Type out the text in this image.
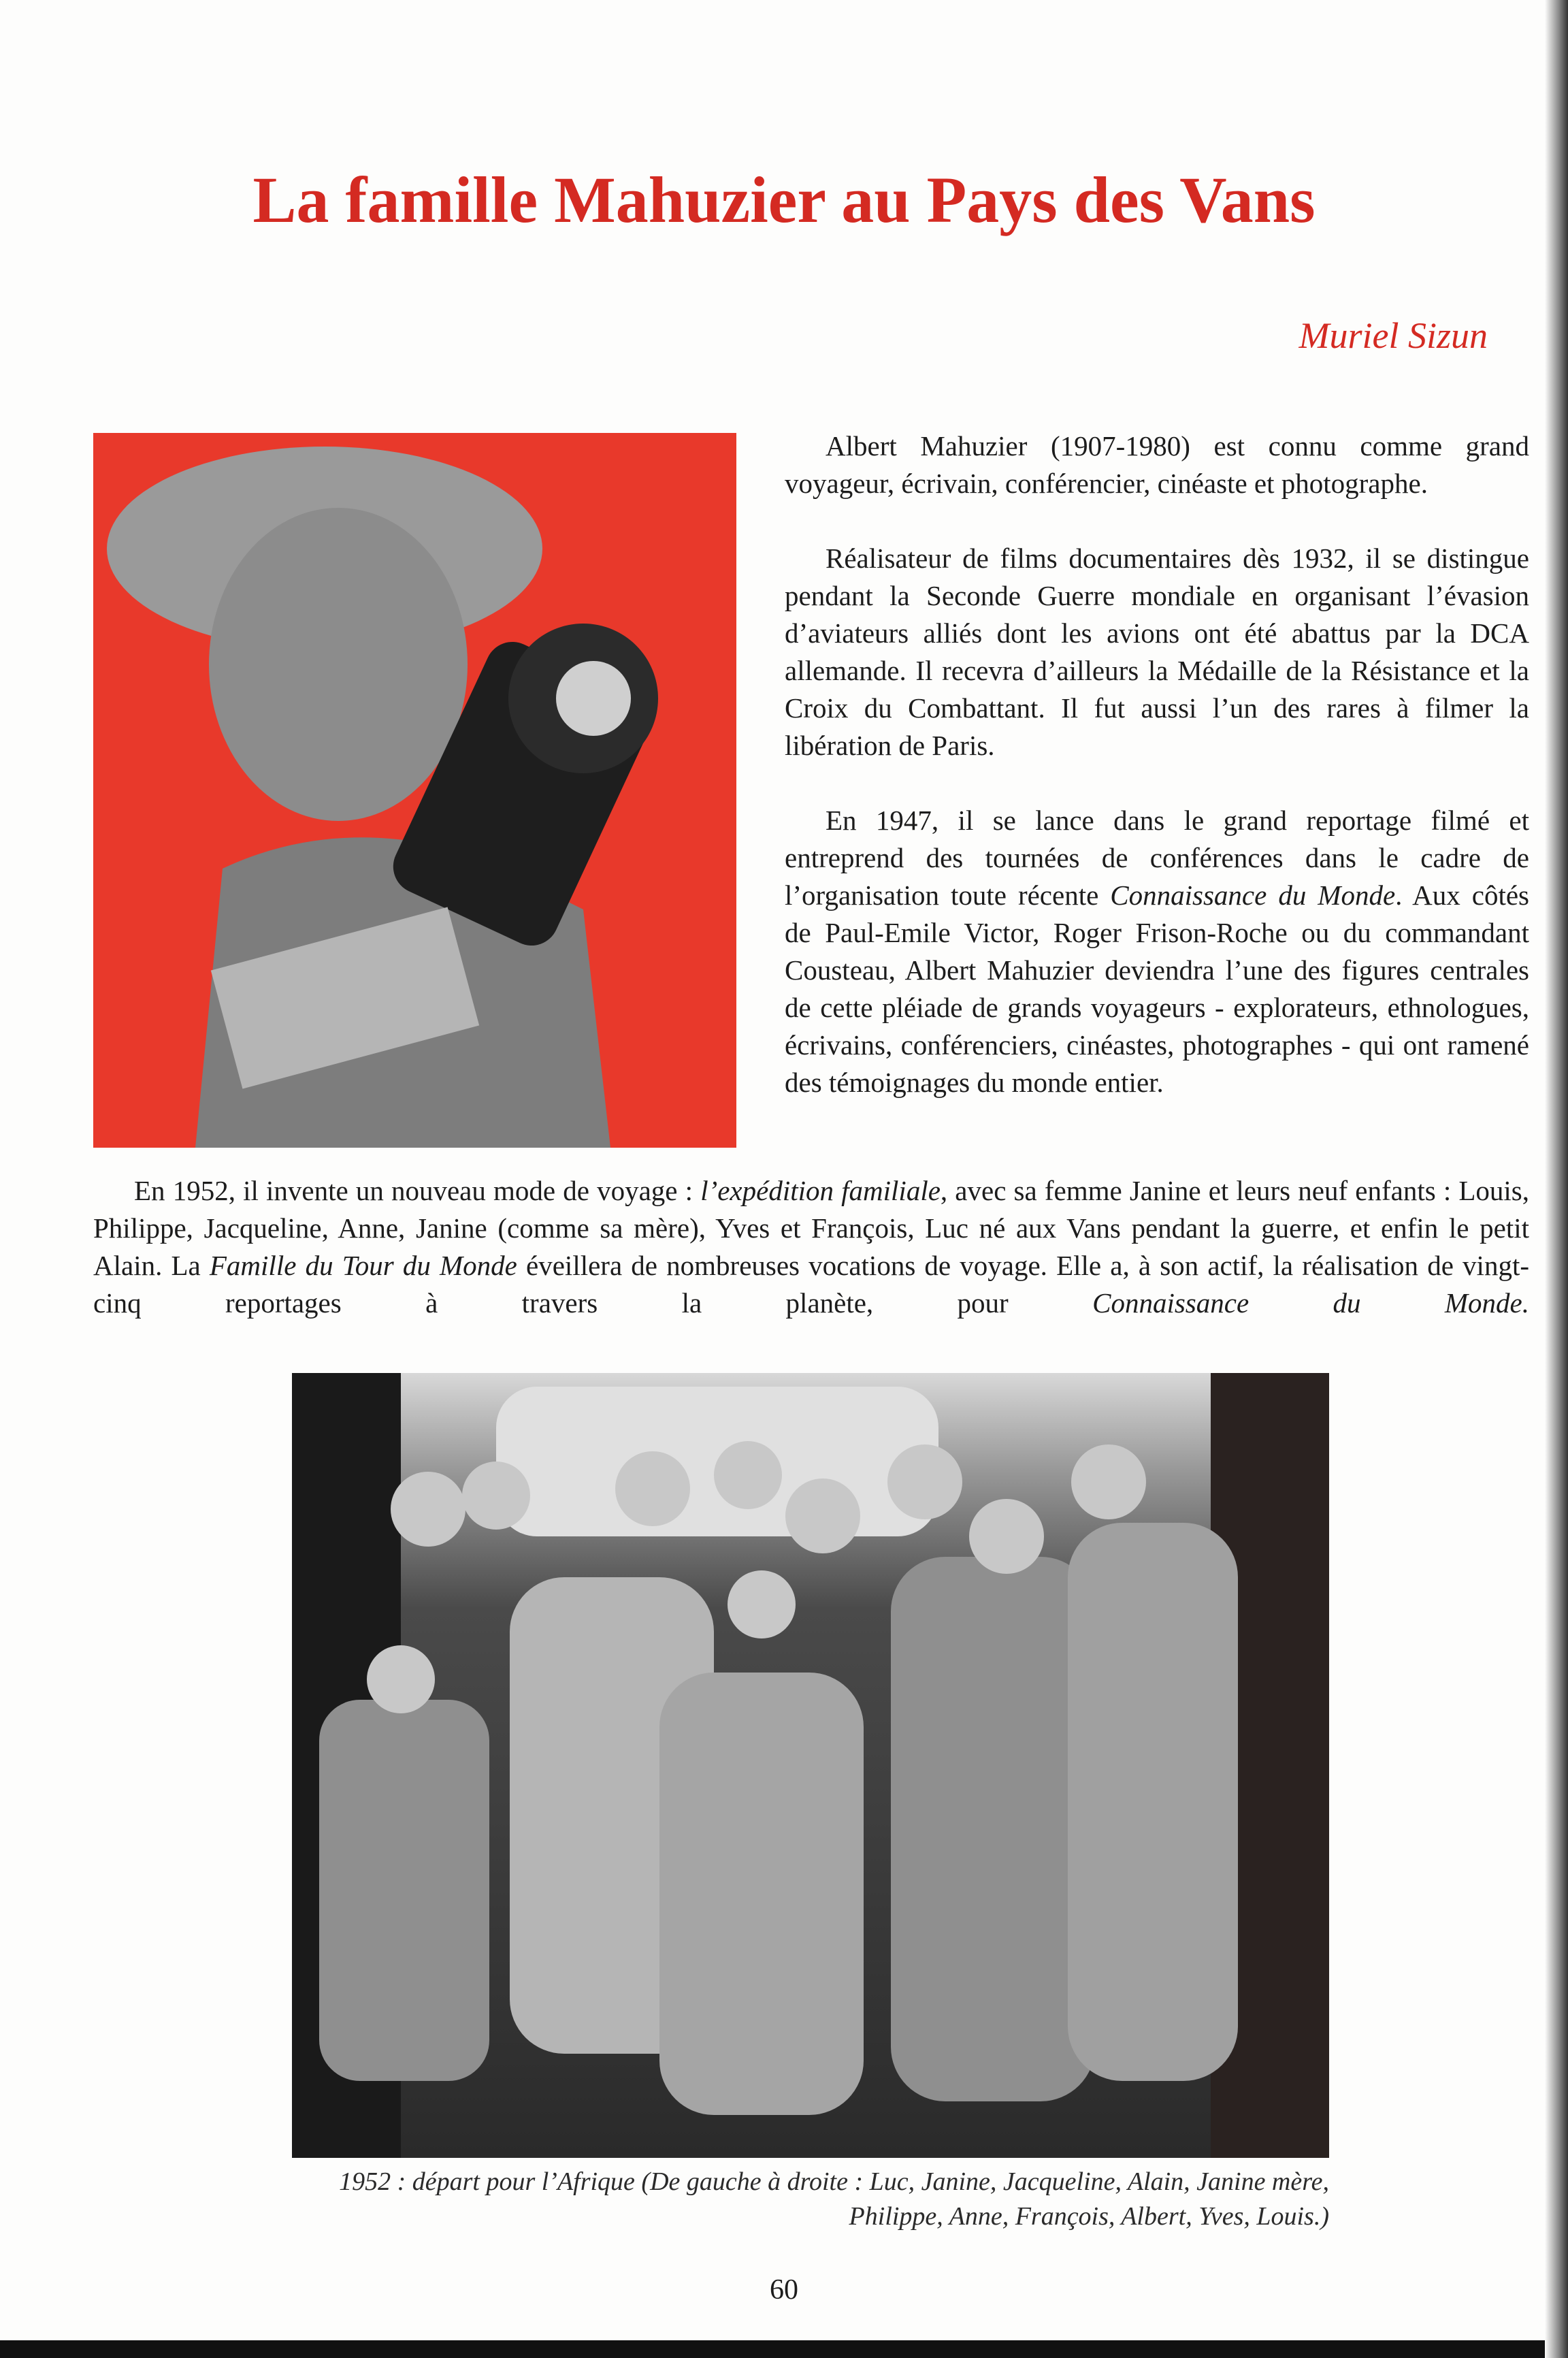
La famille Mahuzier au Pays des Vans
Muriel Sizun

Albert Mahuzier (1907-1980) est connu comme grand voyageur, écrivain, conférencier, cinéaste et photographe.

Réalisateur de films documentaires dès 1932, il se distingue pendant la Seconde Guerre mondiale en organisant l’évasion d’aviateurs alliés dont les avions ont été abattus par la DCA allemande. Il recevra d’ailleurs la Médaille de la Résistance et la Croix du Combattant. Il fut aussi l’un des rares à filmer la libération de Paris.

En 1947, il se lance dans le grand reportage filmé et entreprend des tournées de conférences dans le cadre de l’organisation toute récente Connaissance du Monde. Aux côtés de Paul-Emile Victor, Roger Frison-Roche ou du commandant Cousteau, Albert Mahuzier deviendra l’une des figures centrales de cette pléiade de grands voyageurs - explorateurs, ethnologues, écrivains, conférenciers, cinéastes, photographes - qui ont ramené des témoignages du monde entier.

En 1952, il invente un nouveau mode de voyage : l’expédition familiale, avec sa femme Janine et leurs neuf enfants : Louis, Philippe, Jacqueline, Anne, Janine (comme sa mère), Yves et François, Luc né aux Vans pendant la guerre, et enfin le petit Alain. La Famille du Tour du Monde éveillera de nombreuses vocations de voyage. Elle a, à son actif, la réalisation de vingt-cinq reportages à travers la planète, pour Connaissance du Monde.

1952 : départ pour l’Afrique (De gauche à droite : Luc, Janine, Jacqueline, Alain, Janine mère, Philippe, Anne, François, Albert, Yves, Louis.)
60
